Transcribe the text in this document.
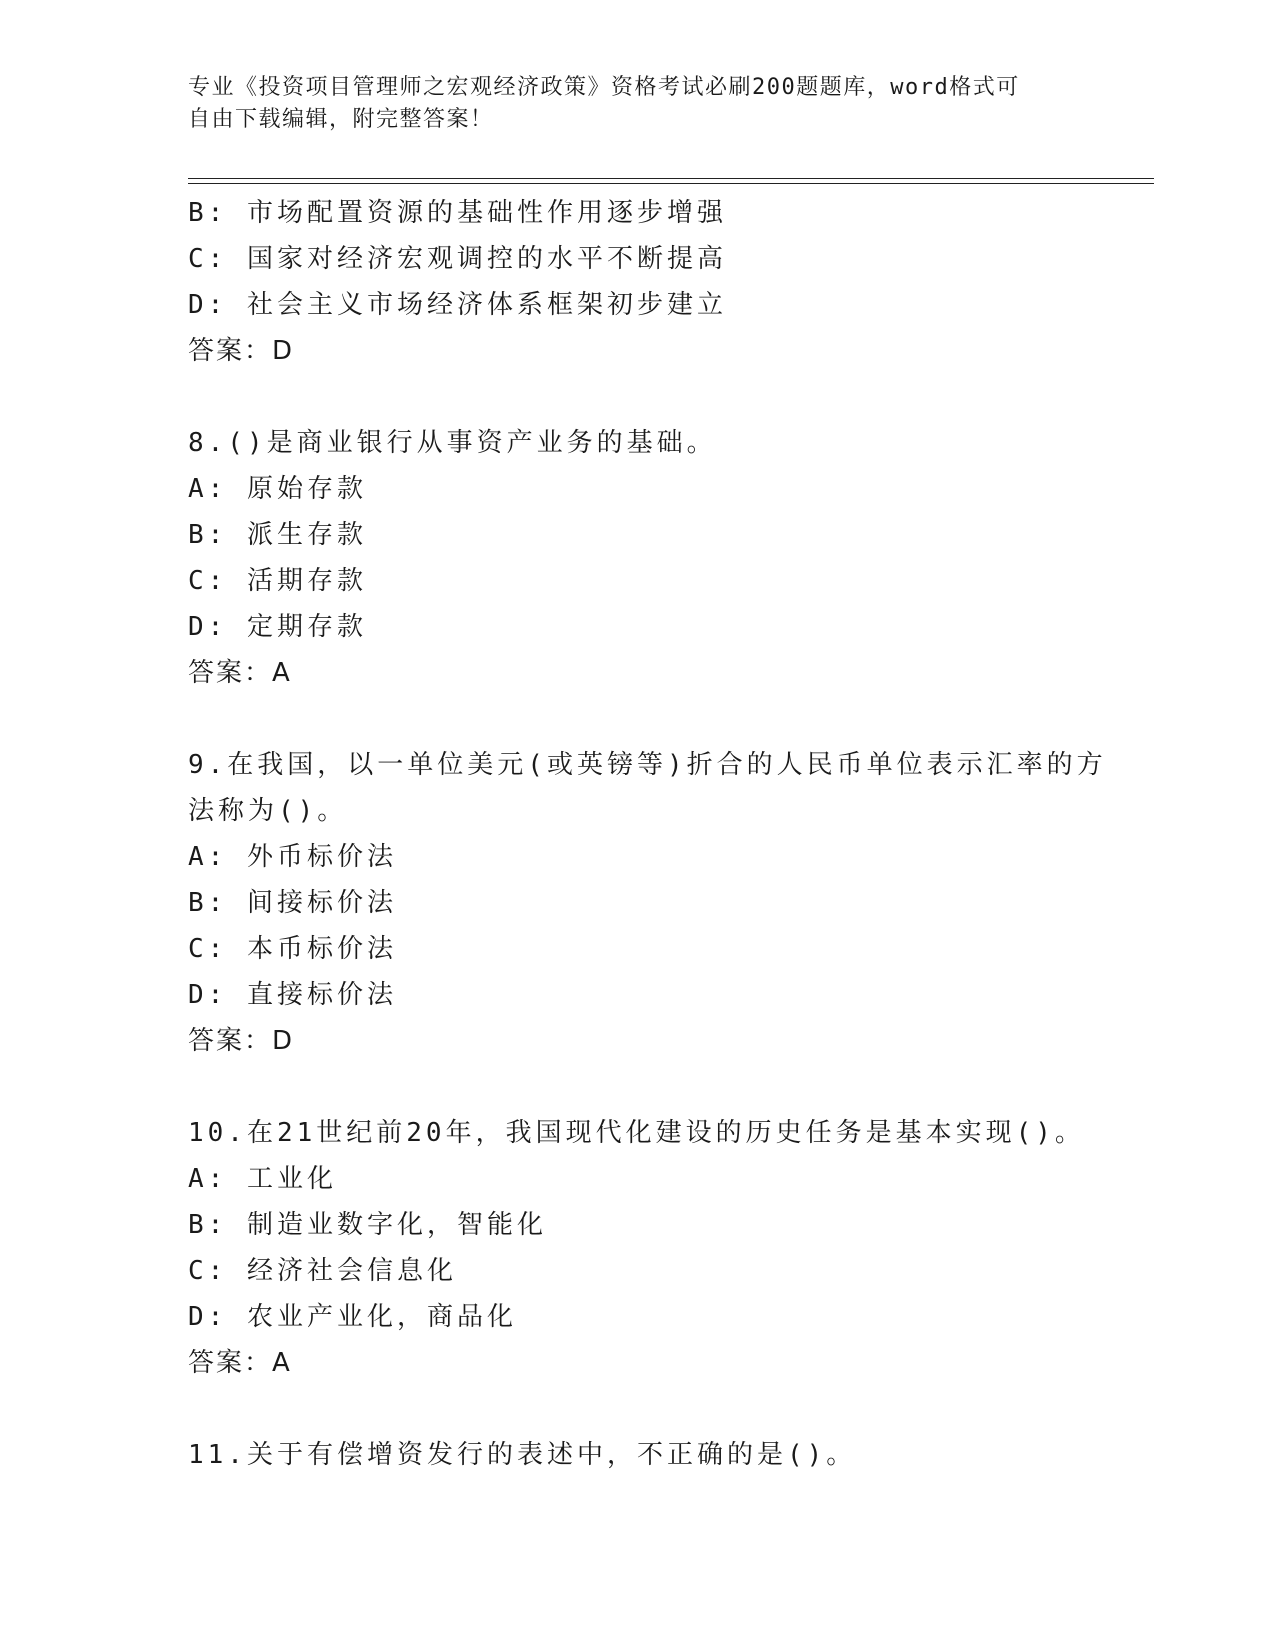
专业《投资项目管理师之宏观经济政策》资格考试必刷200题题库，word格式可
自由下载编辑，附完整答案！
B: 市场配置资源的基础性作用逐步增强
C: 国家对经济宏观调控的水平不断提高
D: 社会主义市场经济体系框架初步建立
答案：D
8.()是商业银行从事资产业务的基础。
A: 原始存款
B: 派生存款
C: 活期存款
D: 定期存款
答案：A
9.在我国，以一单位美元(或英镑等)折合的人民币单位表示汇率的方
法称为()。
A: 外币标价法
B: 间接标价法
C: 本币标价法
D: 直接标价法
答案：D
10.在21世纪前20年，我国现代化建设的历史任务是基本实现()。
A: 工业化
B: 制造业数字化，智能化
C: 经济社会信息化
D: 农业产业化，商品化
答案：A
11.关于有偿增资发行的表述中，不正确的是()。
